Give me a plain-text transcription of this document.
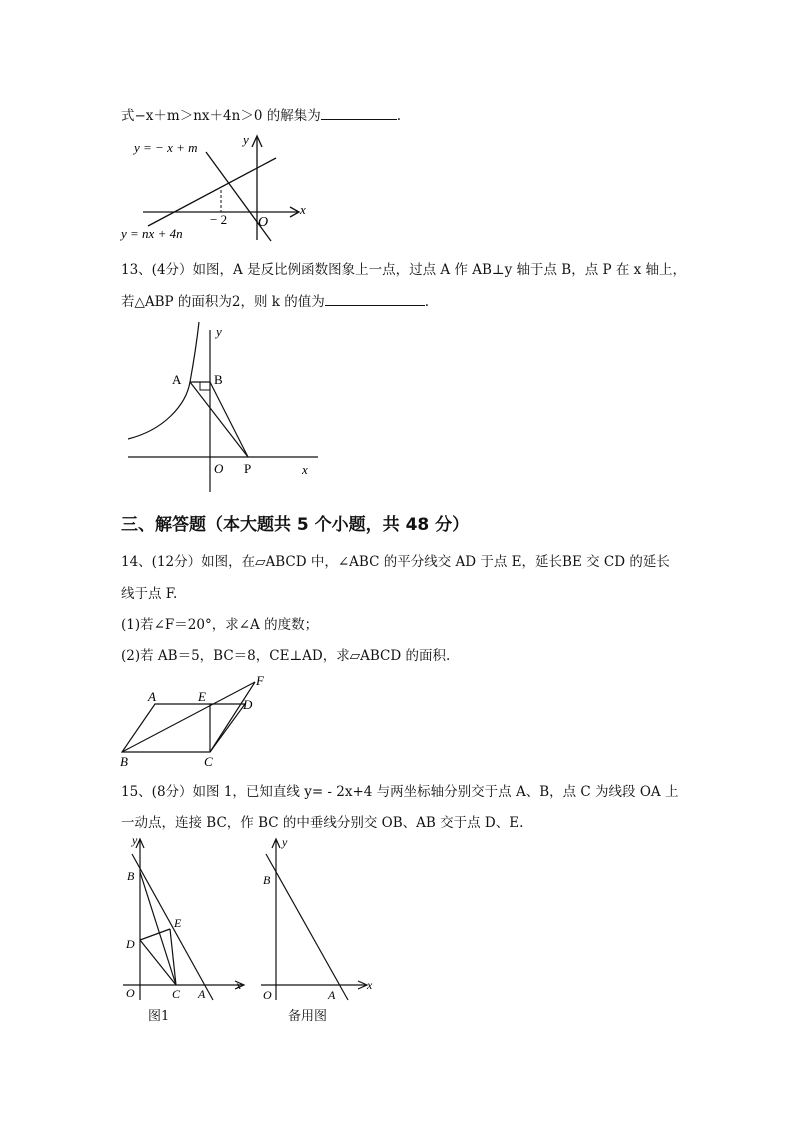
式−x＋m＞nx＋4n＞0 的解集为	.
y = − x + m
y = nx + 4n
y
x
O
− 2
13、(4分）如图，A 是反比例函数图象上一点，过点 A 作 AB⊥y 轴于点 B，点 P 在 x 轴上，
若△ABP 的面积为2，则 k 的值为	.
A	B
P
O	x
y
三、解答题（本大题共 5 个小题，共 48 分）
14、(12分）如图，在▱ABCD 中，∠ABC 的平分线交 AD 于点 E，延长BE 交 CD 的延长
线于点 F.
(1)若∠F＝20°，求∠A 的度数；
(2)若 AB＝5，BC＝8，CE⊥AD，求▱ABCD 的面积.
A	E
F
D
B	C
15、(8分）如图 1，已知直线 y= - 2x+4 与两坐标轴分别交于点 A、B，点 C 为线段 OA 上
一动点，连接 BC，作 BC 的中垂线分别交 OB、AB 交于点 D、E.
y
x
B
E
D
O	C A
图1
y
x
B
O	A
备用图
